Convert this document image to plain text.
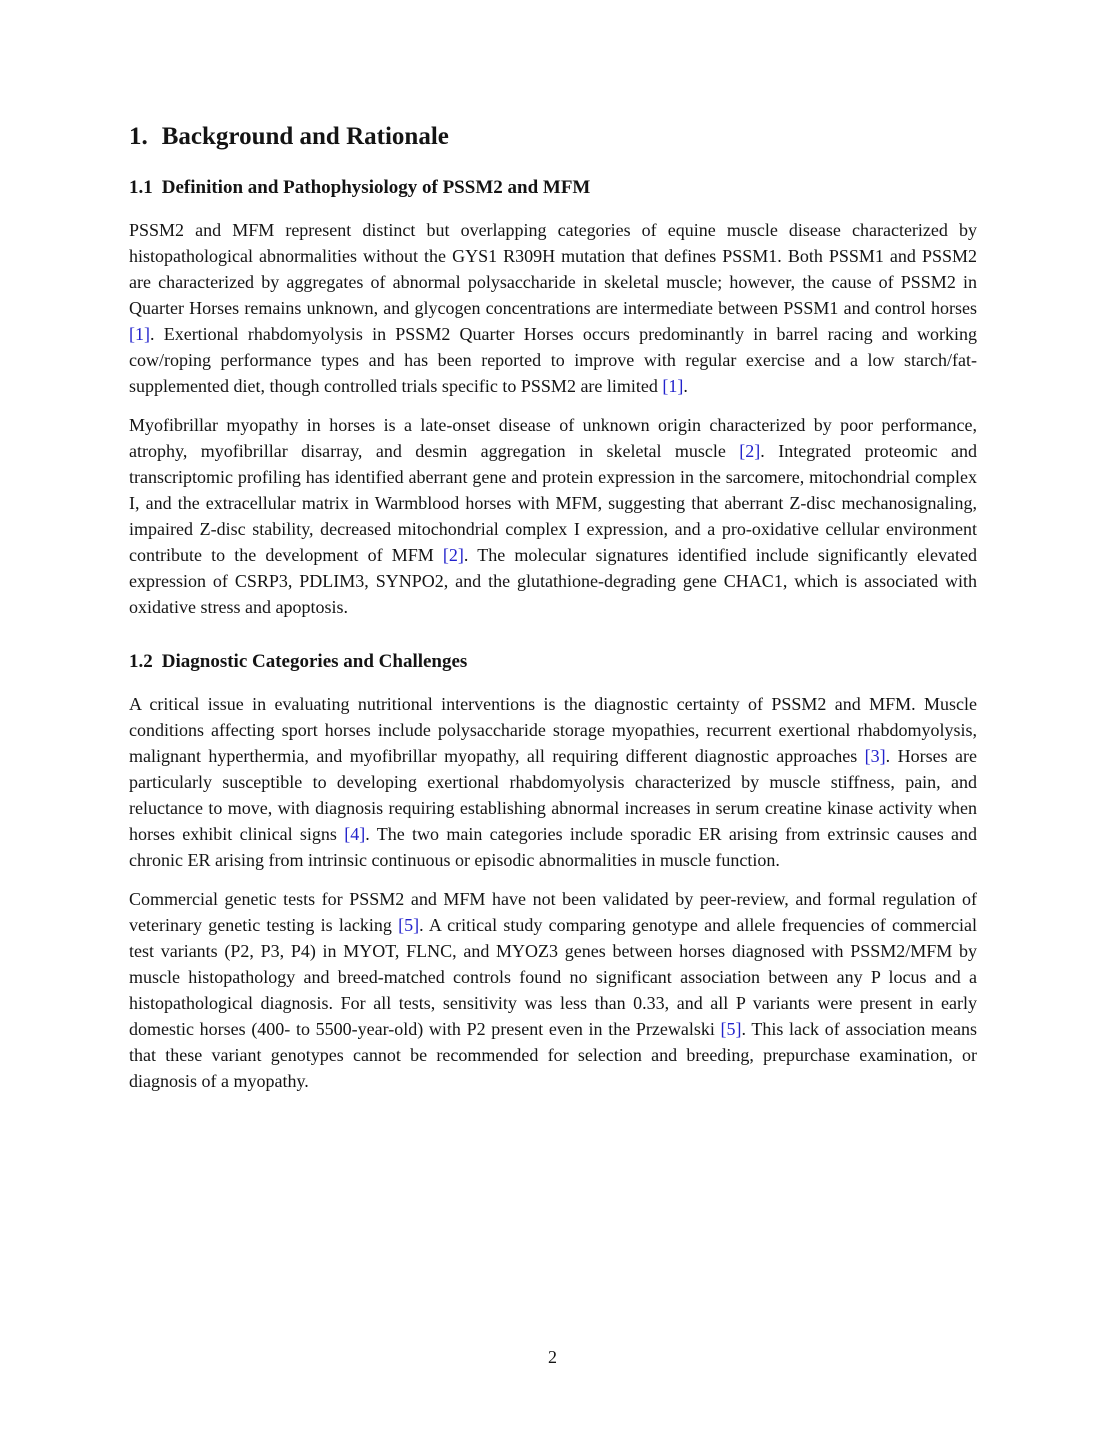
1. Background and Rationale
1.1 Definition and Pathophysiology of PSSM2 and MFM

PSSM2 and MFM represent distinct but overlapping categories of equine muscle disease characterized by histopathological abnormalities without the GYS1 R309H mutation that defines PSSM1. Both PSSM1 and PSSM2 are characterized by aggregates of abnormal polysaccharide in skeletal muscle; however, the cause of PSSM2 in Quarter Horses remains unknown, and glycogen concentrations are intermediate between PSSM1 and control horses [1]. Exertional rhabdomyolysis in PSSM2 Quarter Horses occurs predominantly in barrel racing and working cow/roping performance types and has been reported to improve with regular exercise and a low starch/fat-supplemented diet, though controlled trials specific to PSSM2 are limited [1].

Myofibrillar myopathy in horses is a late-onset disease of unknown origin characterized by poor performance, atrophy, myofibrillar disarray, and desmin aggregation in skeletal muscle [2]. Integrated proteomic and transcriptomic profiling has identified aberrant gene and protein expression in the sarcomere, mitochondrial complex I, and the extracellular matrix in Warmblood horses with MFM, suggesting that aberrant Z-disc mechanosignaling, impaired Z-disc stability, decreased mitochondrial complex I expression, and a pro-oxidative cellular environment contribute to the development of MFM [2]. The molecular signatures identified include significantly elevated expression of CSRP3, PDLIM3, SYNPO2, and the glutathione-degrading gene CHAC1, which is associated with oxidative stress and apoptosis.

1.2 Diagnostic Categories and Challenges

A critical issue in evaluating nutritional interventions is the diagnostic certainty of PSSM2 and MFM. Muscle conditions affecting sport horses include polysaccharide storage myopathies, recurrent exertional rhabdomyolysis, malignant hyperthermia, and myofibrillar myopathy, all requiring different diagnostic approaches [3]. Horses are particularly susceptible to developing exertional rhabdomyolysis characterized by muscle stiffness, pain, and reluctance to move, with diagnosis requiring establishing abnormal increases in serum creatine kinase activity when horses exhibit clinical signs [4]. The two main categories include sporadic ER arising from extrinsic causes and chronic ER arising from intrinsic continuous or episodic abnormalities in muscle function.

Commercial genetic tests for PSSM2 and MFM have not been validated by peer-review, and formal regulation of veterinary genetic testing is lacking [5]. A critical study comparing genotype and allele frequencies of commercial test variants (P2, P3, P4) in MYOT, FLNC, and MYOZ3 genes between horses diagnosed with PSSM2/MFM by muscle histopathology and breed-matched controls found no significant association between any P locus and a histopathological diagnosis. For all tests, sensitivity was less than 0.33, and all P variants were present in early domestic horses (400- to 5500-year-old) with P2 present even in the Przewalski [5]. This lack of association means that these variant genotypes cannot be recommended for selection and breeding, prepurchase examination, or diagnosis of a myopathy.

2
